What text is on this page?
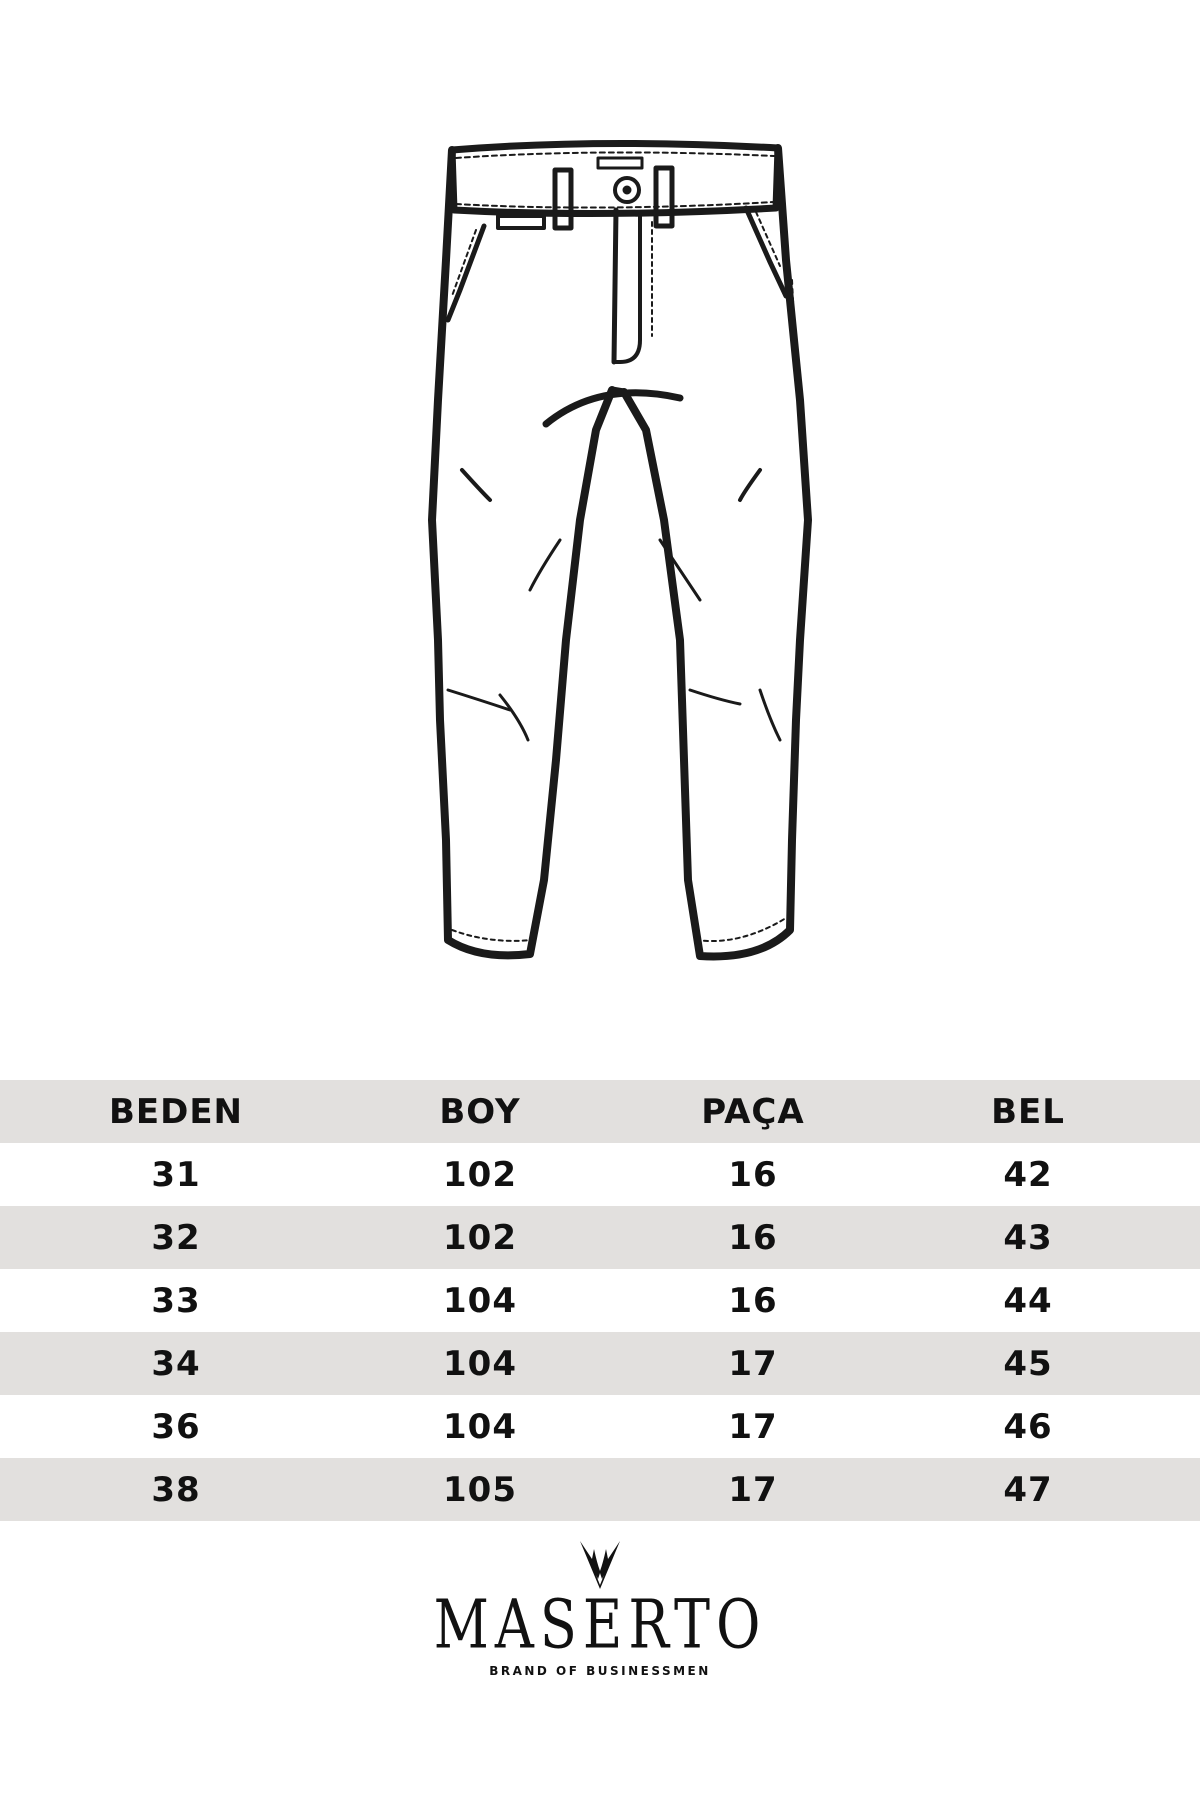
BEDEN	BOY	PAÇA	BEL
31	102	16	42
32	102	16	43
33	104	16	44
34	104	17	45
36	104	17	46
38	105	17	47
MASERTO
BRAND OF BUSINESSMEN
